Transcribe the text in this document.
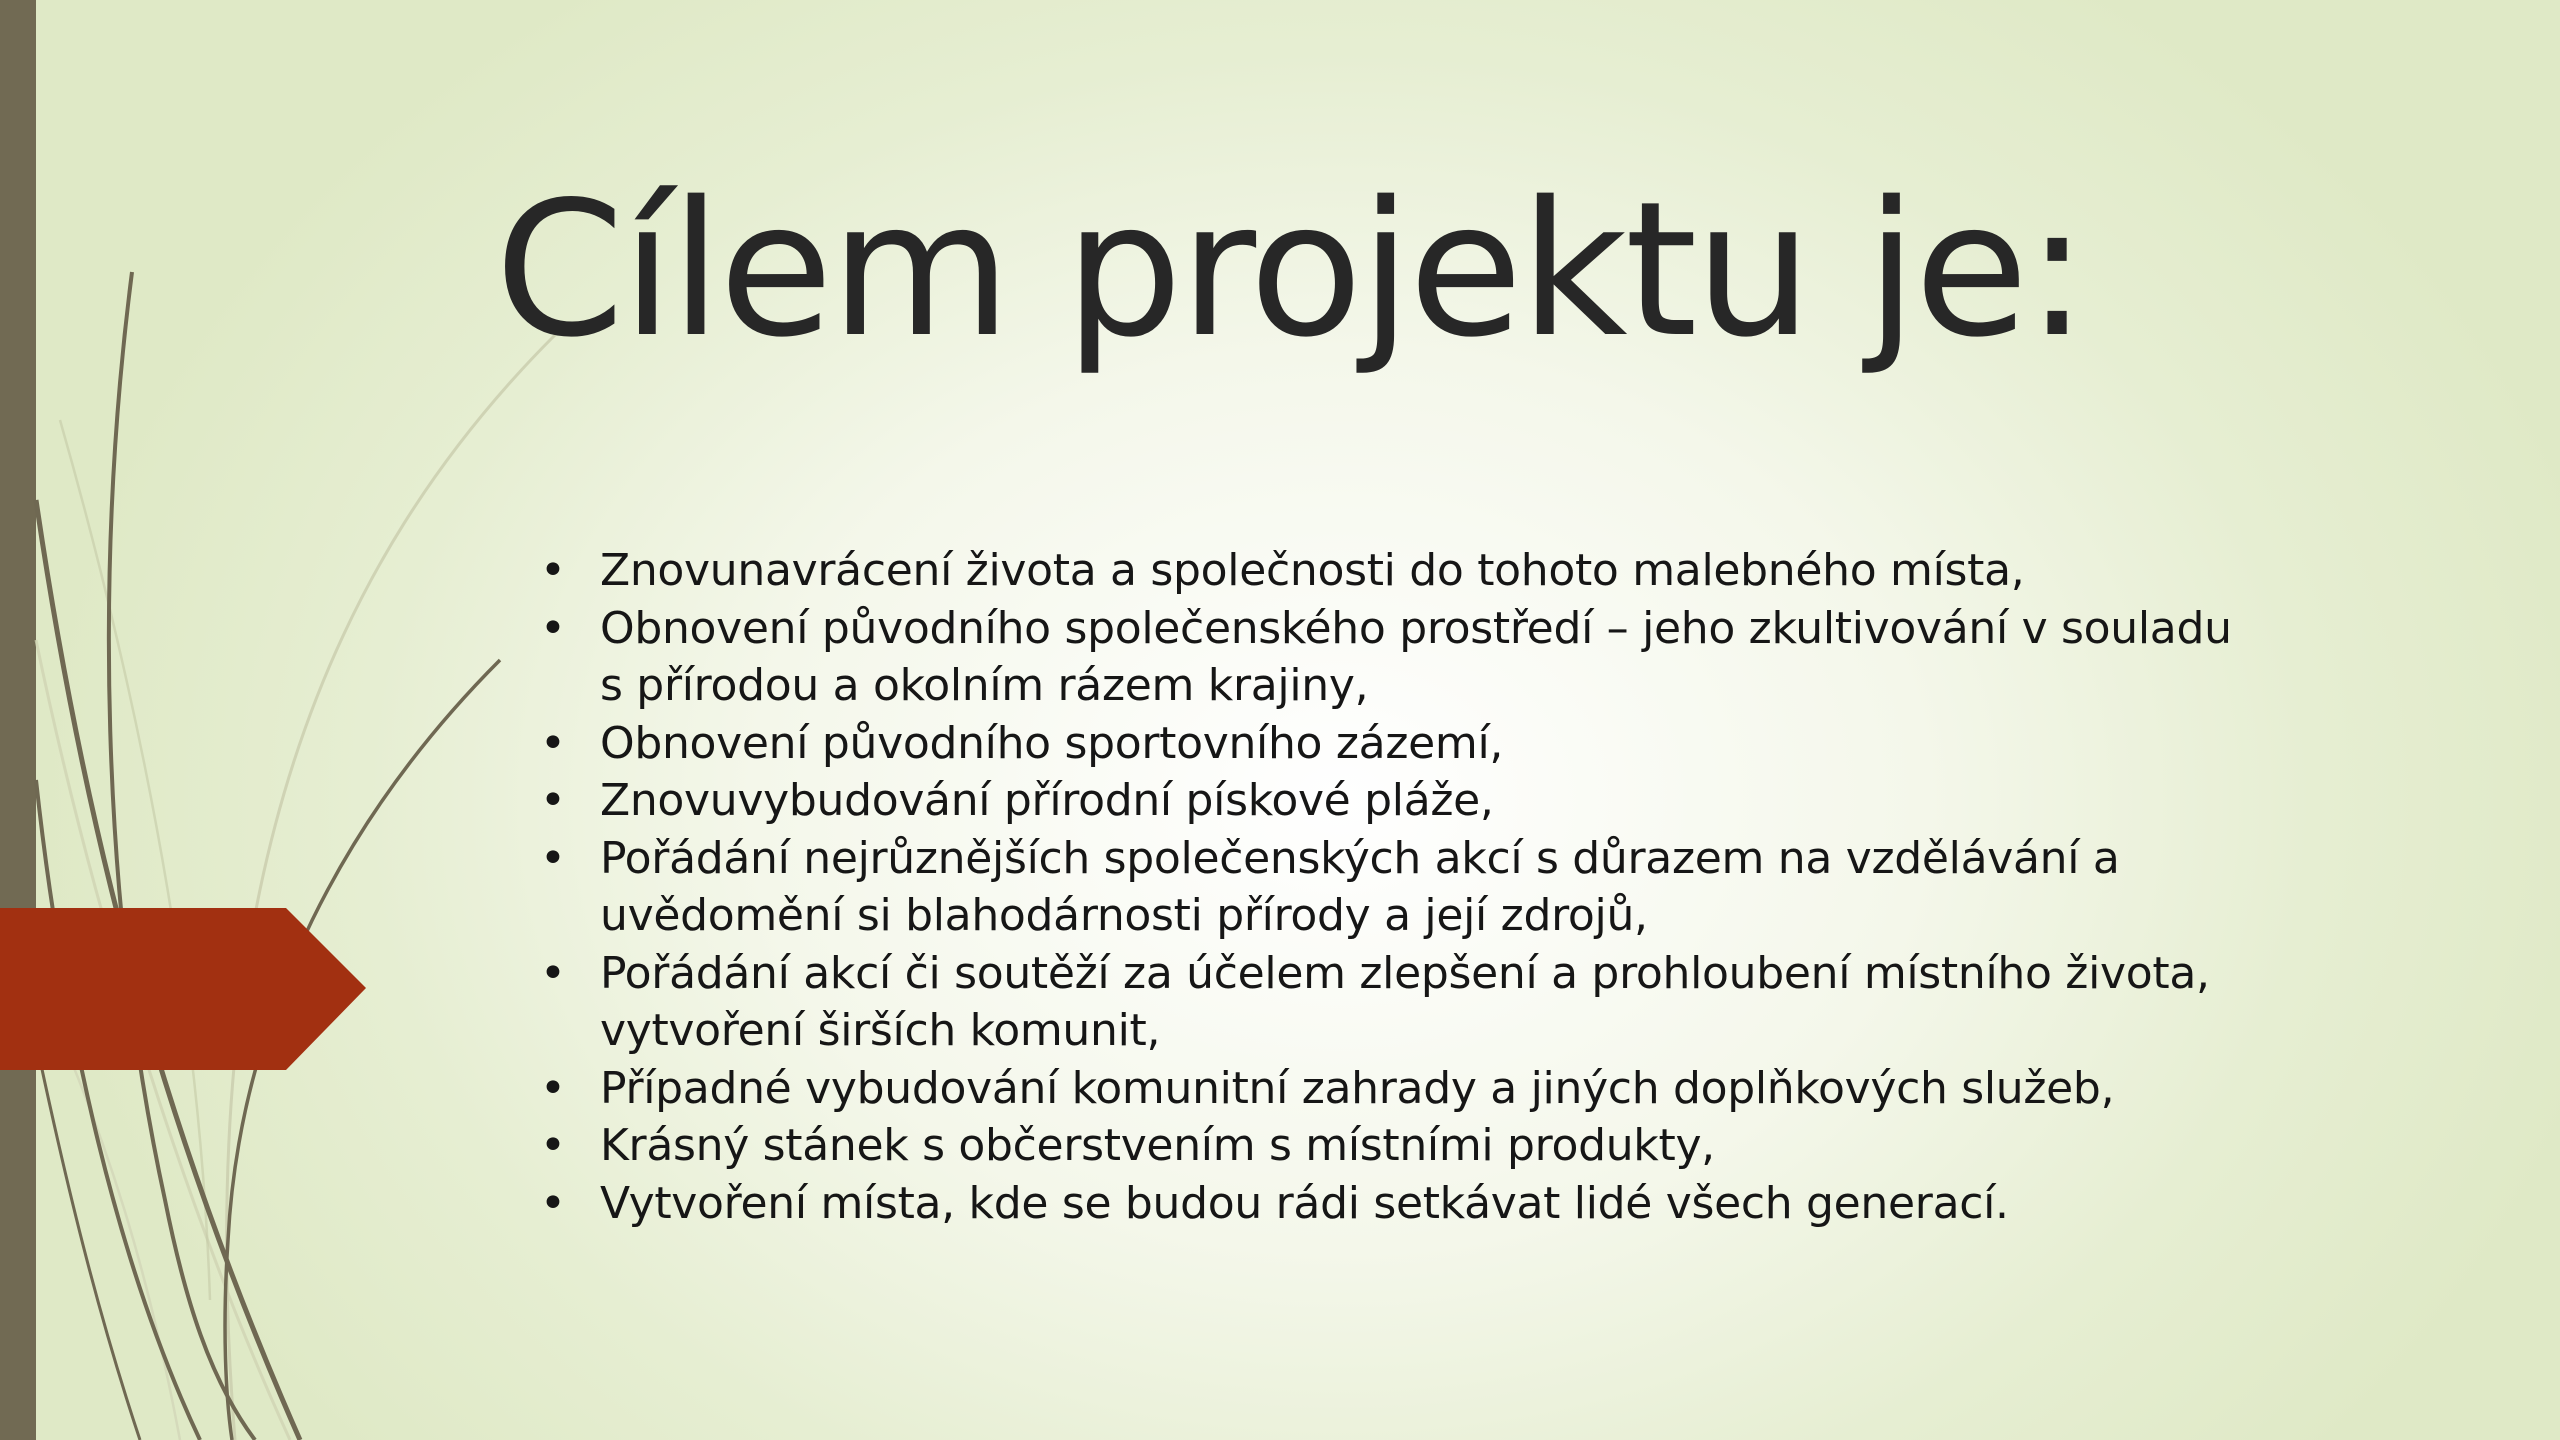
Cílem projektu je:
• Znovunavrácení života a společnosti do tohoto malebného místa,
• Obnovení původního společenského prostředí – jeho zkultivování v souladu s přírodou a okolním rázem krajiny,
• Obnovení původního sportovního zázemí,
• Znovuvybudování přírodní pískové pláže,
• Pořádání nejrůznějších společenských akcí s důrazem na vzdělávání a uvědomění si blahodárnosti přírody a její zdrojů,
• Pořádání akcí či soutěží za účelem zlepšení a prohloubení místního života, vytvoření širších komunit,
• Případné vybudování komunitní zahrady a jiných doplňkových služeb,
• Krásný stánek s občerstvením s místními produkty,
• Vytvoření místa, kde se budou rádi setkávat lidé všech generací.
